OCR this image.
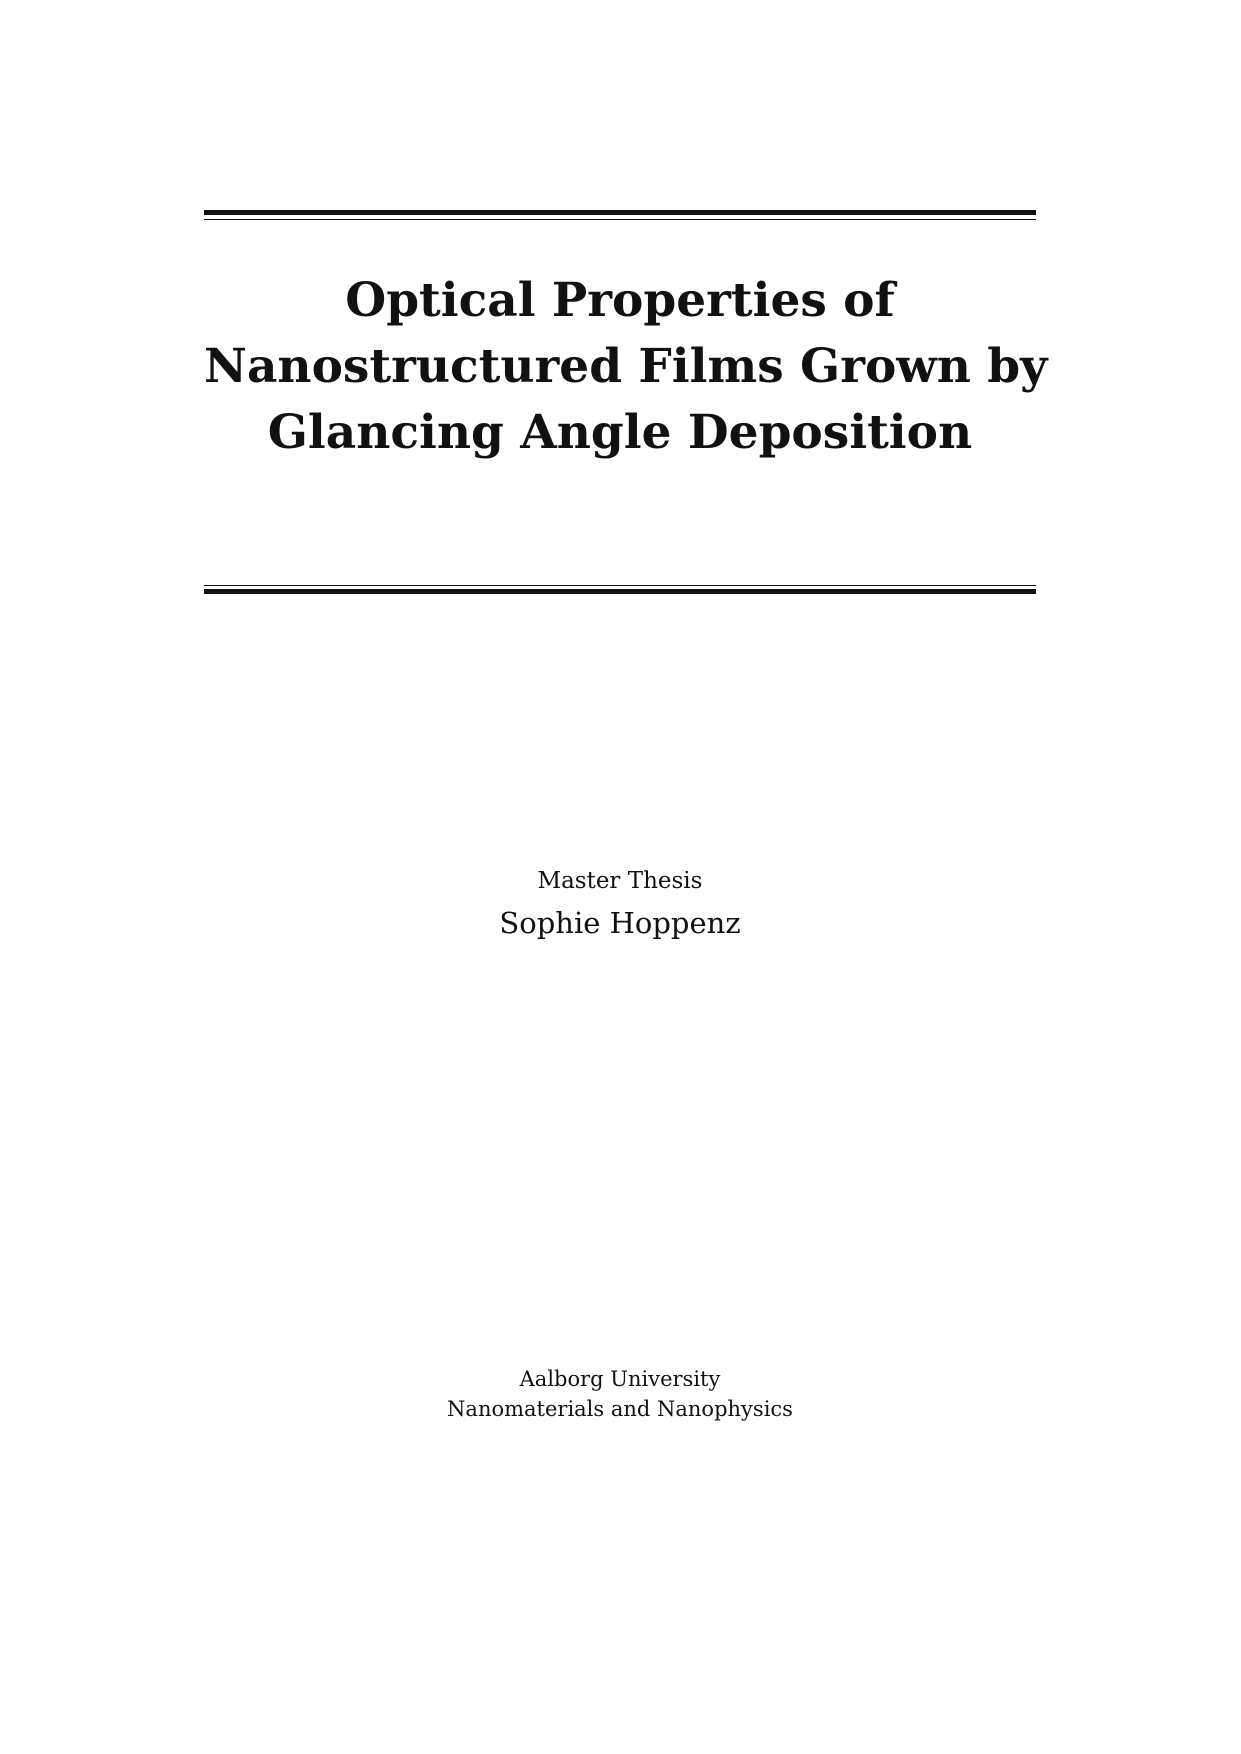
Optical Properties of
Nanostructured Films Grown by
Glancing Angle Deposition
Master Thesis
Sophie Hoppenz
Aalborg University
Nanomaterials and Nanophysics
